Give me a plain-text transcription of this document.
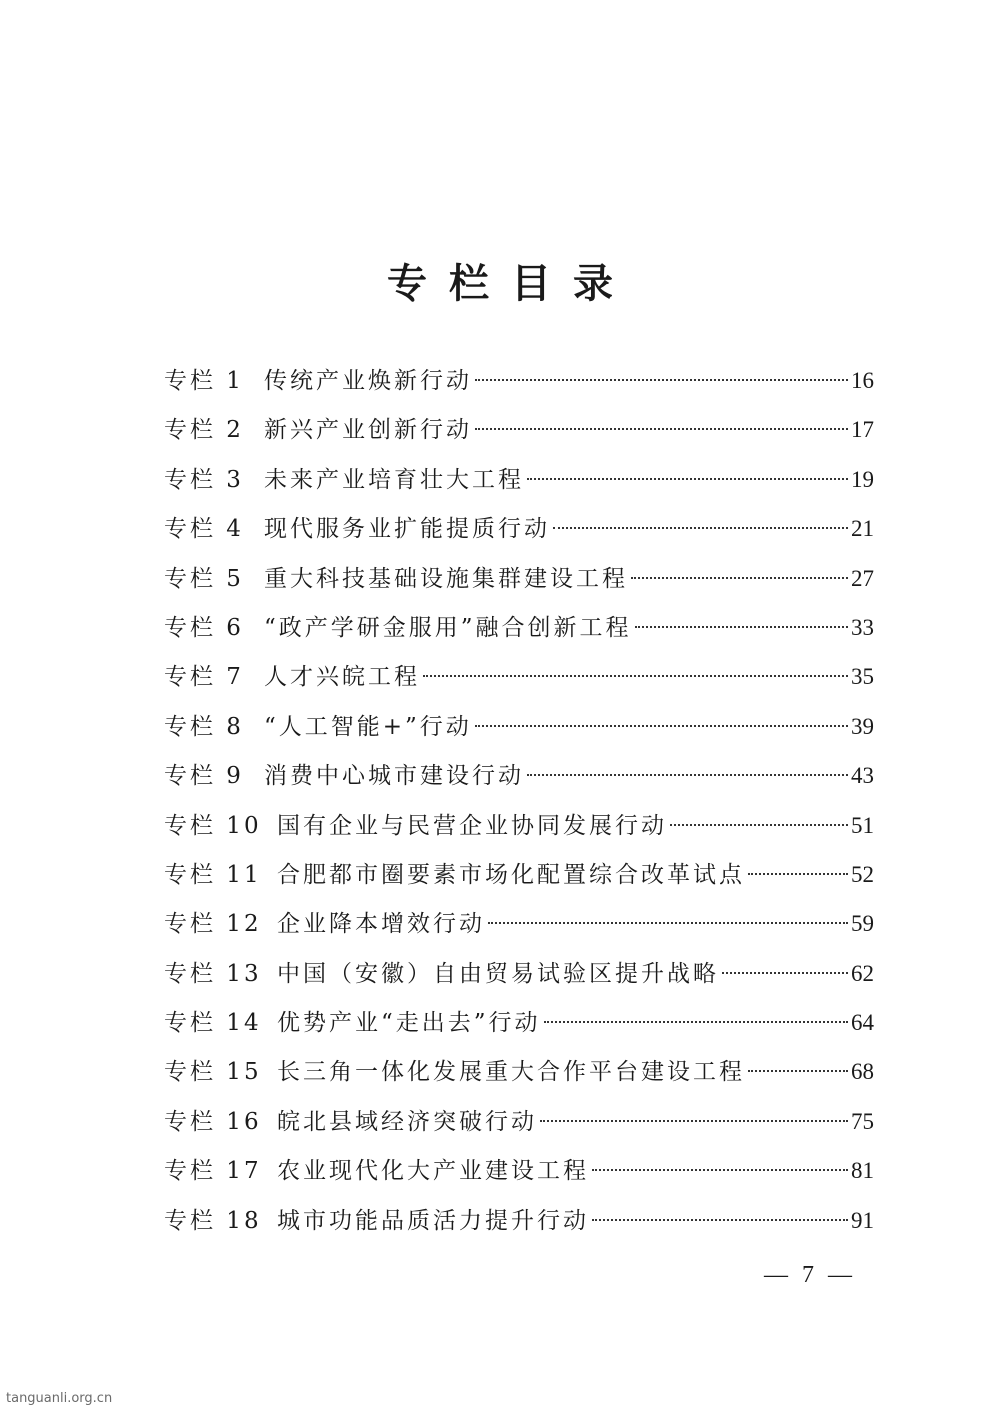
专栏目录
专栏 1 传统产业焕新行动	16
专栏 2 新兴产业创新行动	17
专栏 3 未来产业培育壮大工程	19
专栏 4 现代服务业扩能提质行动	21
专栏 5 重大科技基础设施集群建设工程	27
专栏 6 “政产学研金服用”融合创新工程	33
专栏 7 人才兴皖工程	35
专栏 8 “人工智能+”行动	39
专栏 9 消费中心城市建设行动	43
专栏 10 国有企业与民营企业协同发展行动	51
专栏 11 合肥都市圈要素市场化配置综合改革试点	52
专栏 12 企业降本增效行动	59
专栏 13 中国（安徽）自由贸易试验区提升战略	62
专栏 14 优势产业“走出去”行动	64
专栏 15 长三角一体化发展重大合作平台建设工程	68
专栏 16 皖北县域经济突破行动	75
专栏 17 农业现代化大产业建设工程	81
专栏 18 城市功能品质活力提升行动	91
— 7 —
tanguanli.org.cn
